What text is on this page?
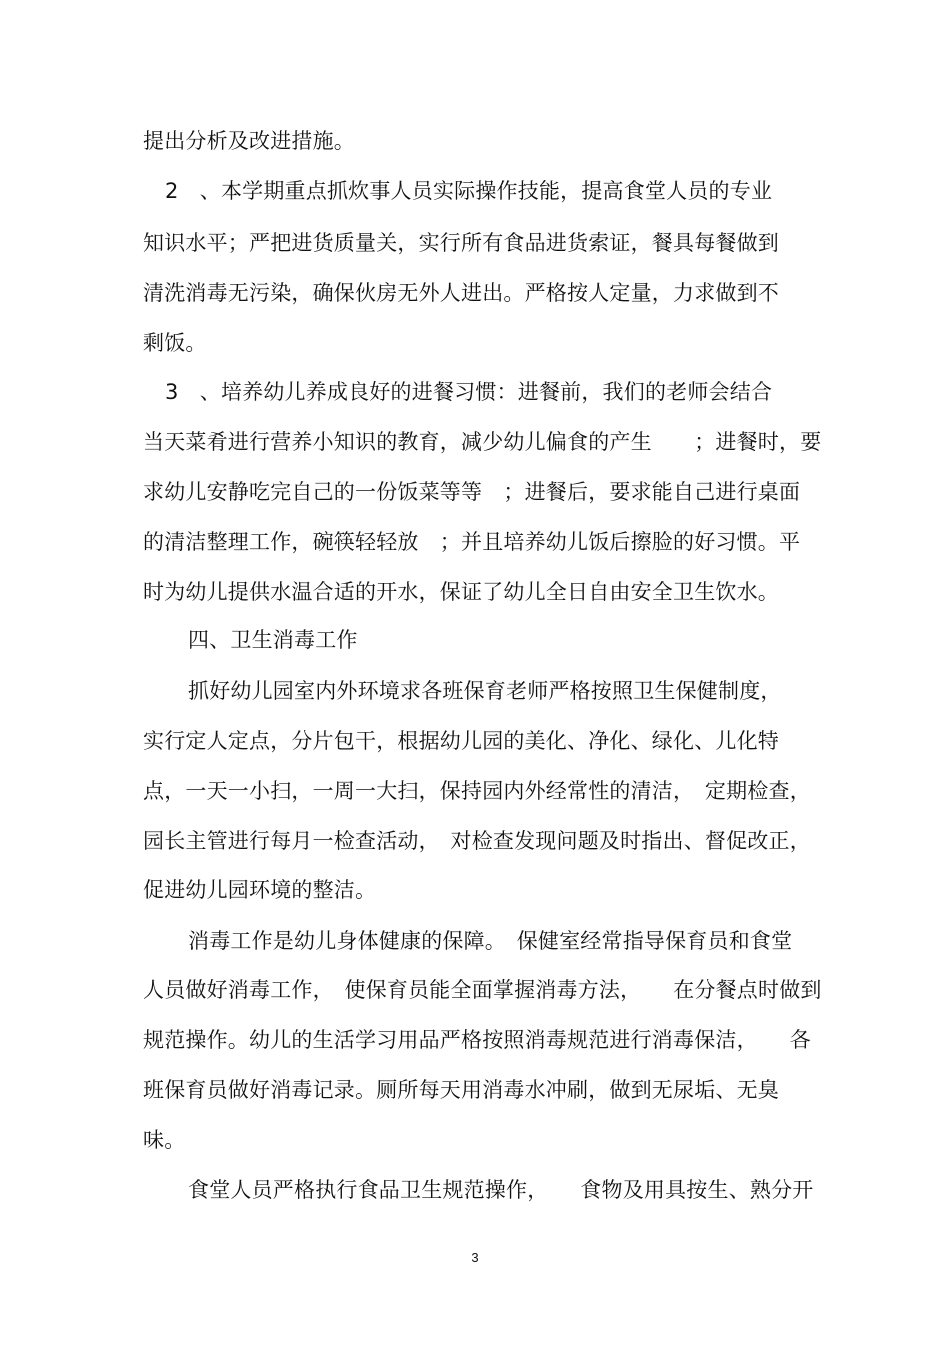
提出分析及改进措施。
2　、本学期重点抓炊事人员实际操作技能，提高食堂人员的专业
知识水平；严把进货质量关，实行所有食品进货索证，餐具每餐做到
清洗消毒无污染，确保伙房无外人进出。严格按人定量，力求做到不
剩饭。
3　、培养幼儿养成良好的进餐习惯：进餐前，我们的老师会结合
当天菜肴进行营养小知识的教育，减少幼儿偏食的产生　　；进餐时，要
求幼儿安静吃完自己的一份饭菜等等　；进餐后，要求能自己进行桌面
的清洁整理工作，碗筷轻轻放　；并且培养幼儿饭后擦脸的好习惯。平
时为幼儿提供水温合适的开水，保证了幼儿全日自由安全卫生饮水。
四、卫生消毒工作
抓好幼儿园室内外环境求各班保育老师严格按照卫生保健制度，
实行定人定点，分片包干，根据幼儿园的美化、净化、绿化、儿化特
点，一天一小扫，一周一大扫，保持园内外经常性的清洁，　定期检查，
园长主管进行每月一检查活动，　对检查发现问题及时指出、督促改正，
促进幼儿园环境的整洁。
消毒工作是幼儿身体健康的保障。　保健室经常指导保育员和食堂
人员做好消毒工作，　使保育员能全面掌握消毒方法，　　在分餐点时做到
规范操作。幼儿的生活学习用品严格按照消毒规范进行消毒保洁，　　各
班保育员做好消毒记录。厕所每天用消毒水冲刷，做到无尿垢、无臭
味。
食堂人员严格执行食品卫生规范操作，　　食物及用具按生、熟分开
3
